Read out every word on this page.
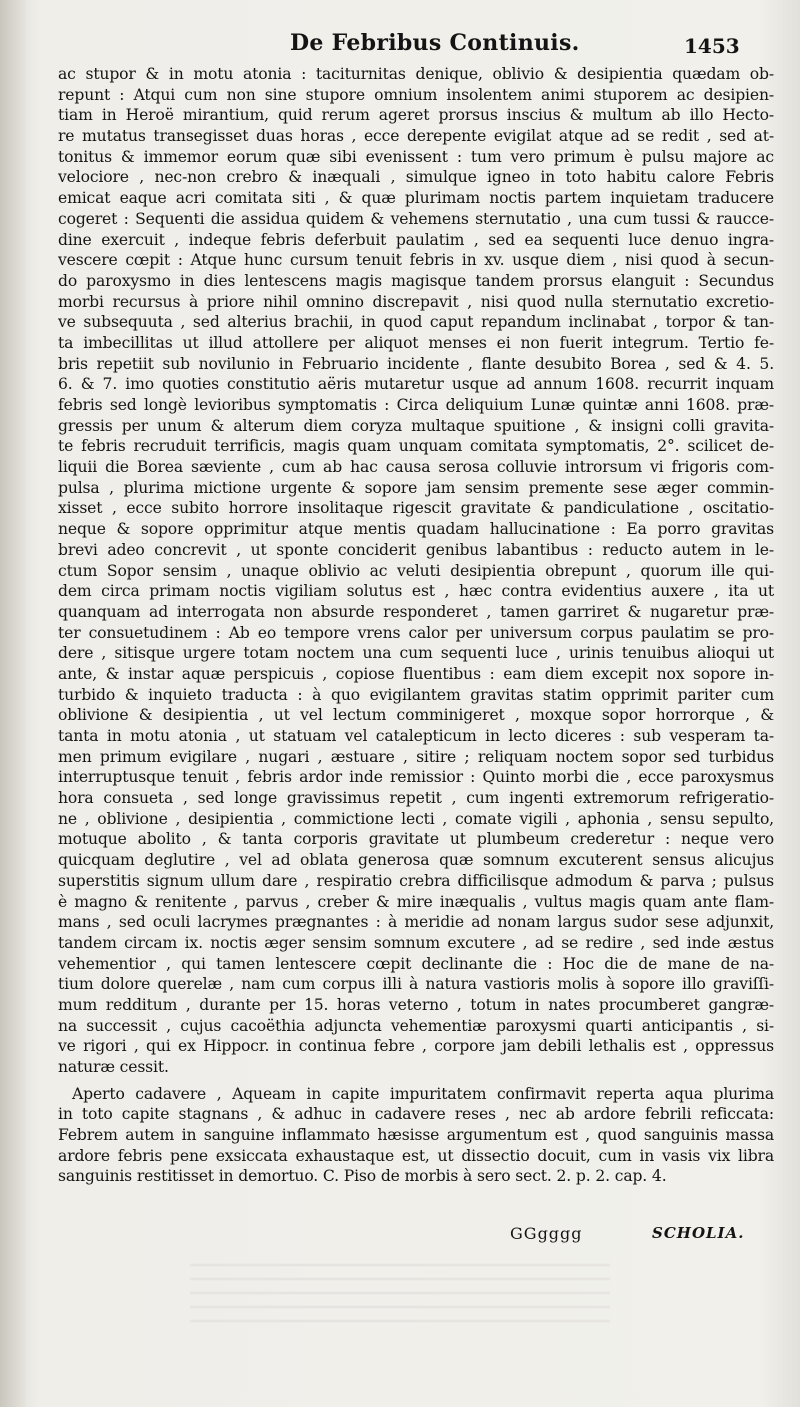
De Febribus Continuis.	1453
ac stupor & in motu atonia : taciturnitas denique, oblivio & desipientia quædam ob-
repunt : Atqui cum non sine stupore omnium insolentem animi stuporem ac desipien-
tiam in Heroë mirantium, quid rerum ageret prorsus inscius & multum ab illo Hecto-
re mutatus transegisset duas horas , ecce derepente evigilat atque ad se redit , sed at-
tonitus & immemor eorum quæ sibi evenissent : tum vero primum è pulsu majore ac
velociore , nec-non crebro & inæquali , simulque igneo in toto habitu calore Febris
emicat eaque acri comitata siti , & quæ plurimam noctis partem inquietam traducere
cogeret : Sequenti die assidua quidem & vehemens sternutatio , una cum tussi & raucce-
dine exercuit , indeque febris deferbuit paulatim , sed ea sequenti luce denuo ingra-
vescere cœpit : Atque hunc cursum tenuit febris in xv. usque diem , nisi quod à secun-
do paroxysmo in dies lentescens magis magisque tandem prorsus elanguit : Secundus
morbi recursus à priore nihil omnino discrepavit , nisi quod nulla sternutatio excretio-
ve subsequuta , sed alterius brachii, in quod caput repandum inclinabat , torpor & tan-
ta imbecillitas ut illud attollere per aliquot menses ei non fuerit integrum. Tertio fe-
bris repetiit sub novilunio in Februario incidente , flante desubito Borea , sed & 4. 5.
6. & 7. imo quoties constitutio aëris mutaretur usque ad annum 1608. recurrit inquam
febris sed longè levioribus symptomatis : Circa deliquium Lunæ quintæ anni 1608. præ-
gressis per unum & alterum diem coryza multaque spuitione , & insigni colli gravita-
te febris recruduit terrificis, magis quam unquam comitata symptomatis, 2°. scilicet de-
liquii die Borea sæviente , cum ab hac causa serosa colluvie introrsum vi frigoris com-
pulsa , plurima mictione urgente & sopore jam sensim premente sese æger commin-
xisset , ecce subito horrore insolitaque rigescit gravitate & pandiculatione , oscitatio-
neque & sopore opprimitur atque mentis quadam hallucinatione : Ea porro gravitas
brevi adeo concrevit , ut sponte conciderit genibus labantibus : reducto autem in le-
ctum Sopor sensim , unaque oblivio ac veluti desipientia obrepunt , quorum ille qui-
dem circa primam noctis vigiliam solutus est , hæc contra evidentius auxere , ita ut
quanquam ad interrogata non absurde responderet , tamen garriret & nugaretur præ-
ter consuetudinem : Ab eo tempore vrens calor per universum corpus paulatim se pro-
dere , sitisque urgere totam noctem una cum sequenti luce , urinis tenuibus alioqui ut
ante, & instar aquæ perspicuis , copiose fluentibus : eam diem excepit nox sopore in-
turbido & inquieto traducta : à quo evigilantem gravitas statim opprimit pariter cum
oblivione & desipientia , ut vel lectum comminigeret , moxque sopor horrorque , &
tanta in motu atonia , ut statuam vel catalepticum in lecto diceres : sub vesperam ta-
men primum evigilare , nugari , æstuare , sitire ; reliquam noctem sopor sed turbidus
interruptusque tenuit , febris ardor inde remissior : Quinto morbi die , ecce paroxysmus
hora consueta , sed longe gravissimus repetit , cum ingenti extremorum refrigeratio-
ne , oblivione , desipientia , commictione lecti , comate vigili , aphonia , sensu sepulto,
motuque abolito , & tanta corporis gravitate ut plumbeum crederetur : neque vero
quicquam deglutire , vel ad oblata generosa quæ somnum excuterent sensus alicujus
superstitis signum ullum dare , respiratio crebra difficilisque admodum & parva ; pulsus
è magno & renitente , parvus , creber & mire inæqualis , vultus magis quam ante flam-
mans , sed oculi lacrymes prægnantes : à meridie ad nonam largus sudor sese adjunxit,
tandem circam ix. noctis æger sensim somnum excutere , ad se redire , sed inde æstus
vehementior , qui tamen lentescere cœpit declinante die : Hoc die de mane de na-
tium dolore querelæ , nam cum corpus illi à natura vastioris molis à sopore illo graviſſi-
mum redditum , durante per 15. horas veterno , totum in nates procumberet gangræ-
na successit , cujus cacoëthia adjuncta vehementiæ paroxysmi quarti anticipantis , si-
ve rigori , qui ex Hippocr. in continua febre , corpore jam debili lethalis est , oppressus
naturæ cessit.
Aperto cadavere , Aqueam in capite impuritatem confirmavit reperta aqua plurima
in toto capite stagnans , & adhuc in cadavere reses , nec ab ardore febrili reficcata:
Febrem autem in sanguine inflammato hæsisse argumentum est , quod sanguinis massa
ardore febris pene exsiccata exhaustaque est, ut dissectio docuit, cum in vasis vix libra
sanguinis restitisset in demortuo. C. Piso de morbis à sero sect. 2. p. 2. cap. 4.
GGgggg	SCHOLIA.
